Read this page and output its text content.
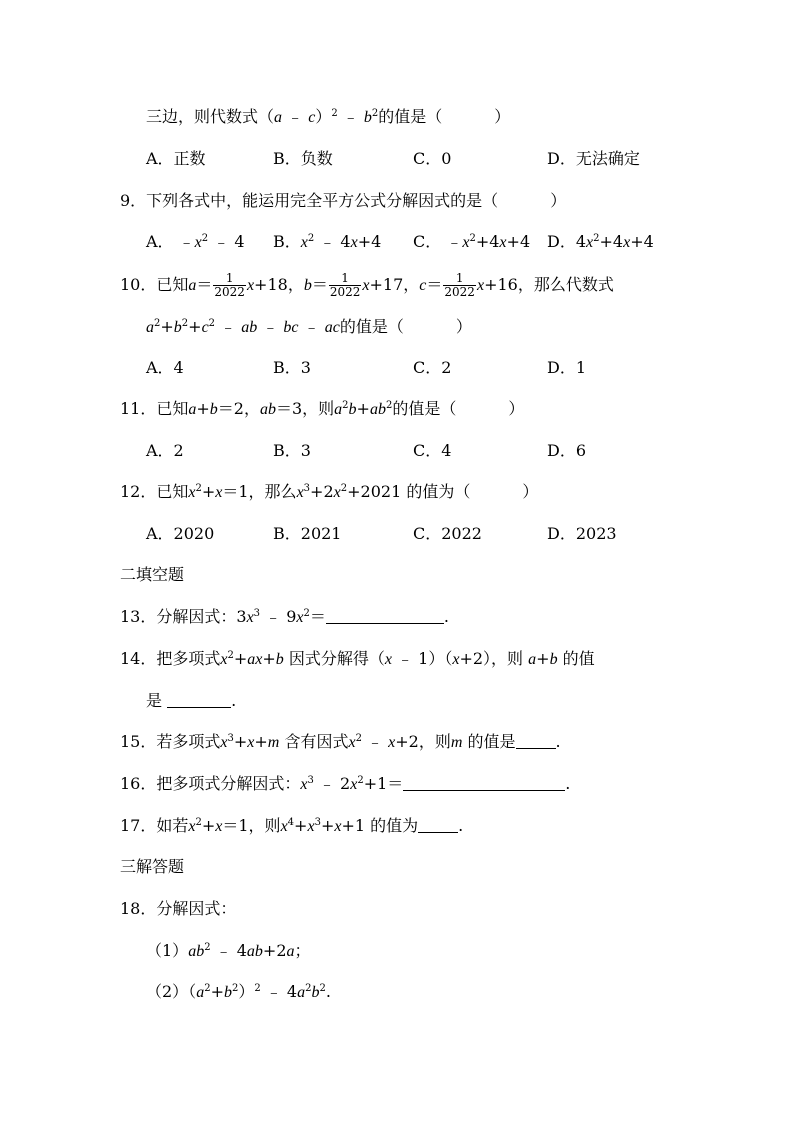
三边，则代数式（a ﹣ c）$^2$ ﹣ $b^2$的值是（	）
A．正数	B．负数	C．0	D．无法确定
9．下列各式中，能运用完全平方公式分解因式的是（	）
A． $﹣x^2$ ﹣ 4 B．$x^2$ ﹣ 4x+4 C． $﹣x^2+4x+4$ D．$4x^2+4x+4$
10．已知$a= \frac{1}{2022} x+18$，$b= \frac{1}{2022} x+17$，$c= \frac{1}{2022} x+16$，那么代数式
$a^2+b^2+c^2$ ﹣ ab ﹣ bc ﹣ ac的值是（	）
A．4	B．3	C．2	D．1
11．已知a+b＝2，ab＝3，则$a^2b+ab^2$的值是（	）
A．2	B．3	C．4	D．6
12．已知$x^2+x=1$，那么$x^3+2x^2+2021$ 的值为（	）
A．2020	B．2021	C．2022	D．2023
二填空题
13．分解因式：$3x^3$ ﹣ $9x^2=$	.
14．把多项式$x^2+ax+b$ 因式分解得（x ﹣ 1）（x+2），则 a+b 的值
是	.
15．若多项式$x^3+x+m$ 含有因式$x^2$ ﹣ x+2，则m 的值是	.
16．把多项式分解因式：$x^3$ ﹣ $2x^2+1=$	.
17．如若$x^2+x=1$，则$x^4+x^3+x+1$ 的值为	.
三解答题
18．分解因式：
$(1)ab^2$ ﹣ 4ab+2a；
$(2)(a^2+b^2)^2$ ﹣ $4a^2b^2$.
